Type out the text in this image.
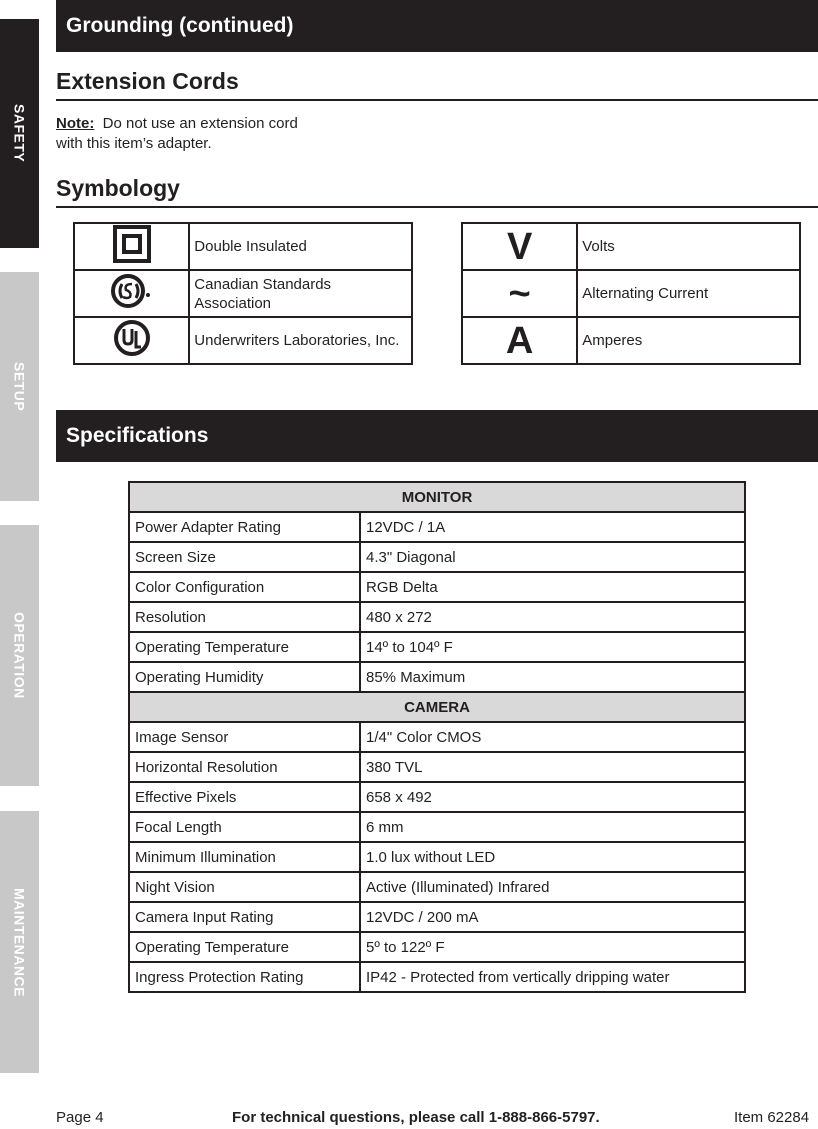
SAFETY
SETUP
OPERATION
MAINTENANCE
Grounding (continued)
Extension Cords
Note: Do not use an extension cord with this item’s adapter.
Symbology
	Double Insulated
	Canadian Standards Association
	Underwriters Laboratories, Inc.
V	Volts
~	Alternating Current
A	Amperes
Specifications
MONITOR	
Power Adapter Rating	12VDC / 1A
Screen Size	4.3" Diagonal
Color Configuration	RGB Delta
Resolution	480 x 272
Operating Temperature	14º to 104º F
Operating Humidity	85% Maximum
CAMERA	
Image Sensor	1/4" Color CMOS
Horizontal Resolution	380 TVL
Effective Pixels	658 x 492
Focal Length	6 mm
Minimum Illumination	1.0 lux without LED
Night Vision	Active (Illuminated) Infrared
Camera Input Rating	12VDC / 200 mA
Operating Temperature	5º to 122º F
Ingress Protection Rating	IP42 - Protected from vertically dripping water
Page 4	For technical questions, please call 1-888-866-5797.	Item 62284
